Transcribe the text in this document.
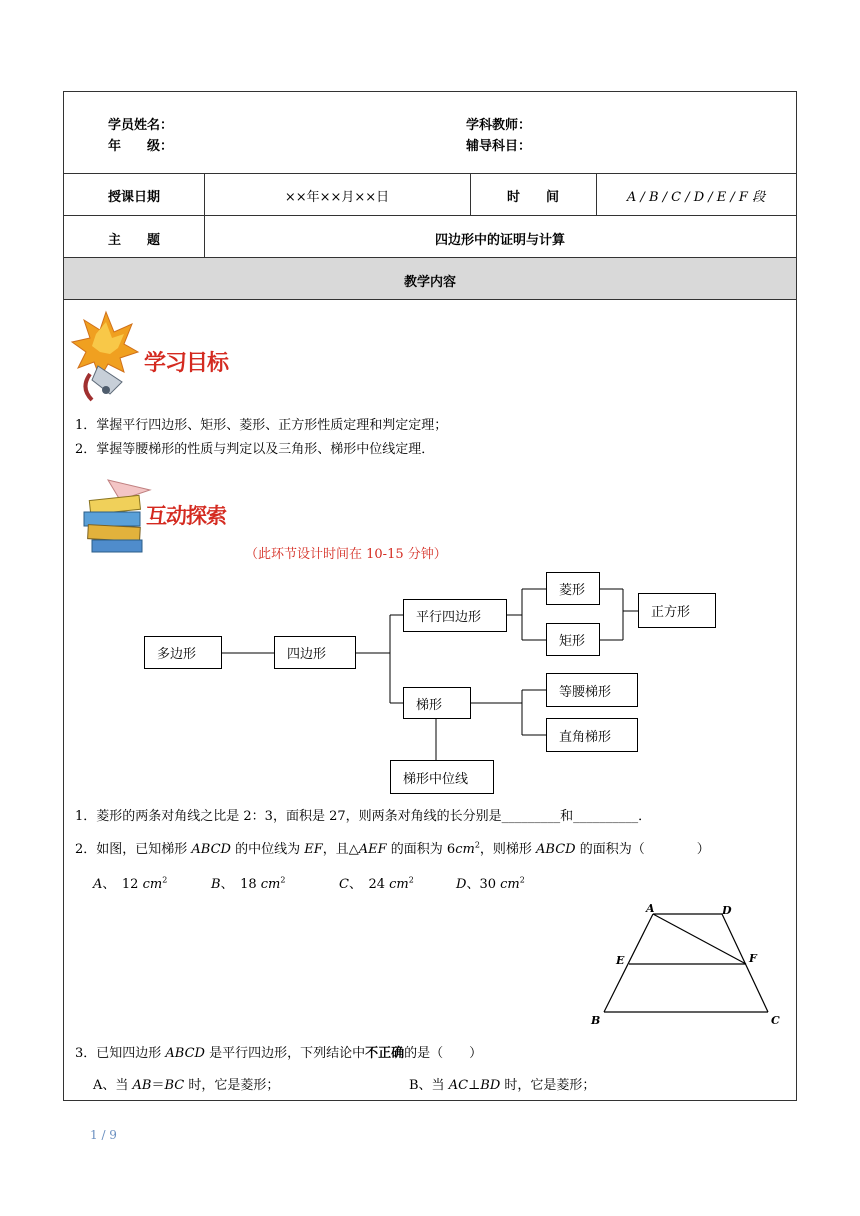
学员姓名：
年　　级：
学科教师：
辅导科目：
授课日期	××年××月××日	时　　间	A / B / C / D / E / F 段
主　　题	四边形中的证明与计算
教学内容
学习目标
1．掌握平行四边形、矩形、菱形、正方形性质定理和判定定理；
2．掌握等腰梯形的性质与判定以及三角形、梯形中位线定理．
互动探索
（此环节设计时间在 10-15 分钟）
多边形	四边形
平行四边形
菱形
矩形
正方形
梯形
等腰梯形
直角梯形
梯形中位线
1．菱形的两条对角线之比是 2：3，面积是 27，则两条对角线的长分别是_________和__________．
2．如图，已知梯形 ABCD 的中位线为 EF，且△AEF 的面积为 $6cm^2$，则梯形 ABCD 的面积为（　　　　）
A、　12 $cm^2$	B、　18 $cm^2$	C、　24 $cm^2$	D、30 $cm^2$
A	D
E	F
B	C
3．已知四边形 ABCD 是平行四边形，下列结论中不正确的是（　　）
A、当 AB＝BC 时，它是菱形；	B、当 AC⊥BD 时，它是菱形；
1 / 9
